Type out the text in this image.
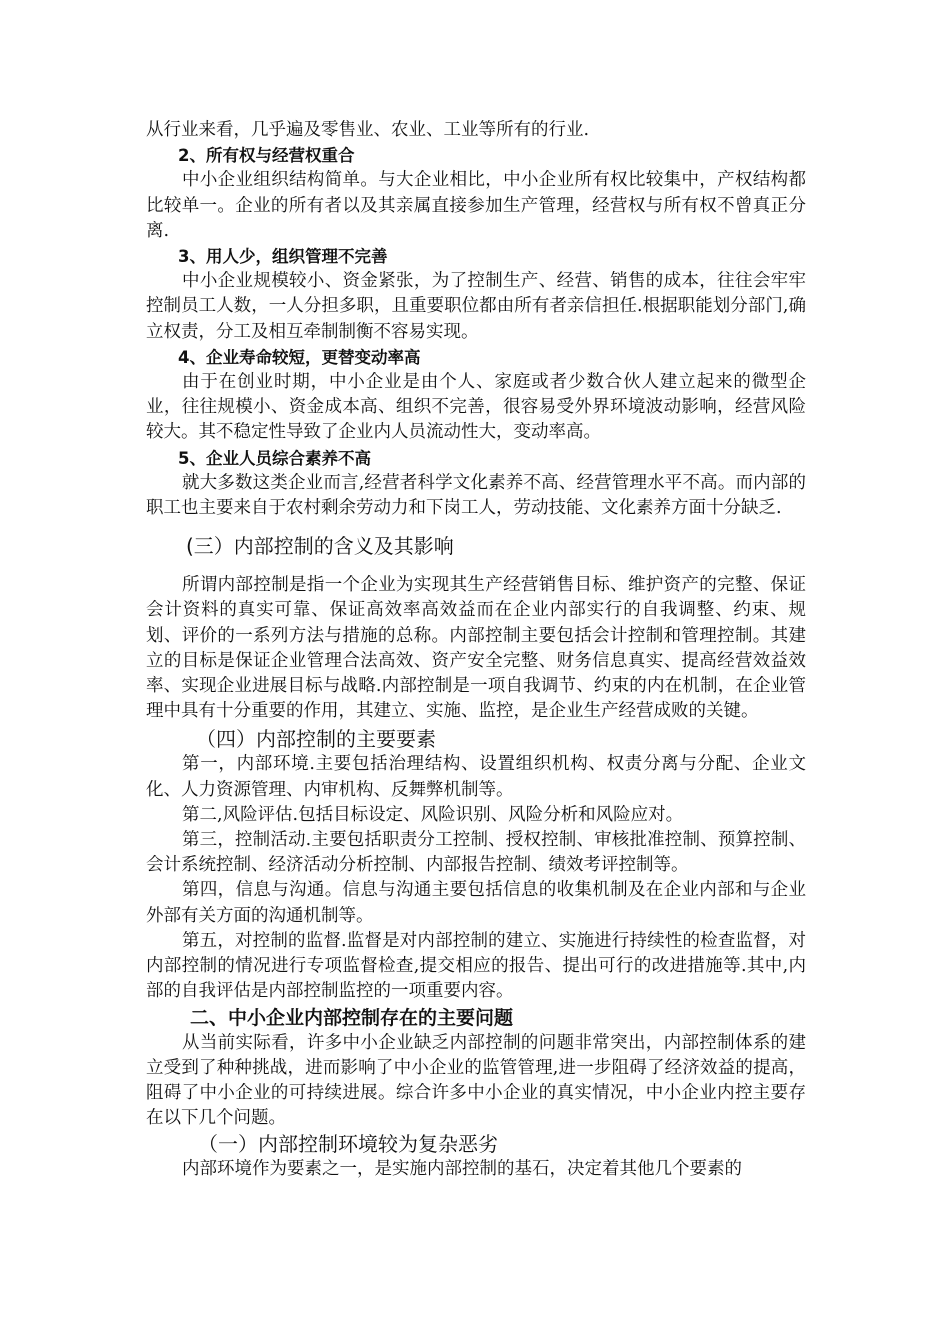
从行业来看，几乎遍及零售业、农业、工业等所有的行业.

2、所有权与经营权重合

中小企业组织结构简单。与大企业相比，中小企业所有权比较集中，产权结构都比较单一。企业的所有者以及其亲属直接参加生产管理，经营权与所有权不曾真正分离.

3、用人少，组织管理不完善

中小企业规模较小、资金紧张，为了控制生产、经营、销售的成本，往往会牢牢控制员工人数，一人分担多职，且重要职位都由所有者亲信担任.根据职能划分部门,确立权责，分工及相互牵制制衡不容易实现。

4、企业寿命较短，更替变动率高

由于在创业时期，中小企业是由个人、家庭或者少数合伙人建立起来的微型企业，往往规模小、资金成本高、组织不完善，很容易受外界环境波动影响，经营风险较大。其不稳定性导致了企业内人员流动性大，变动率高。

5、企业人员综合素养不高

就大多数这类企业而言,经营者科学文化素养不高、经营管理水平不高。而内部的职工也主要来自于农村剩余劳动力和下岗工人，劳动技能、文化素养方面十分缺乏.

(三）内部控制的含义及其影响

所谓内部控制是指一个企业为实现其生产经营销售目标、维护资产的完整、保证会计资料的真实可靠、保证高效率高效益而在企业内部实行的自我调整、约束、规划、评价的一系列方法与措施的总称。内部控制主要包括会计控制和管理控制。其建立的目标是保证企业管理合法高效、资产安全完整、财务信息真实、提高经营效益效率、实现企业进展目标与战略.内部控制是一项自我调节、约束的内在机制，在企业管理中具有十分重要的作用，其建立、实施、监控，是企业生产经营成败的关键。

（四）内部控制的主要要素

第一，内部环境.主要包括治理结构、设置组织机构、权责分离与分配、企业文化、人力资源管理、内审机构、反舞弊机制等。

第二,风险评估.包括目标设定、风险识别、风险分析和风险应对。

第三，控制活动.主要包括职责分工控制、授权控制、审核批准控制、预算控制、会计系统控制、经济活动分析控制、内部报告控制、绩效考评控制等。

第四，信息与沟通。信息与沟通主要包括信息的收集机制及在企业内部和与企业外部有关方面的沟通机制等。

第五，对控制的监督.监督是对内部控制的建立、实施进行持续性的检查监督，对内部控制的情况进行专项监督检查,提交相应的报告、提出可行的改进措施等.其中,内部的自我评估是内部控制监控的一项重要内容。

二、中小企业内部控制存在的主要问题

从当前实际看，许多中小企业缺乏内部控制的问题非常突出，内部控制体系的建立受到了种种挑战，进而影响了中小企业的监管管理,进一步阻碍了经济效益的提高，阻碍了中小企业的可持续进展。综合许多中小企业的真实情况，中小企业内控主要存在以下几个问题。

（一）内部控制环境较为复杂恶劣

内部环境作为要素之一，是实施内部控制的基石，决定着其他几个要素的
